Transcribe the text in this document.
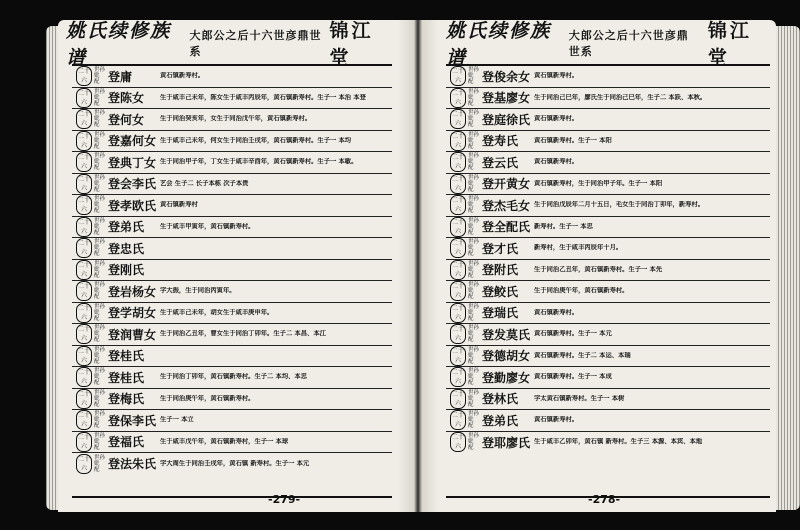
姚氏续修族谱
大郎公之后十六世彦鼎世系
锦江堂
二十六
世孙
妣
配 登庸	黄石镇新寿村。
二十六
世孙
妣
配 登陈女	生于咸丰己未年，陈女生于咸丰丙辰年，黄石镇新寿村。生子一 本治 本登
二十六
世孙
妣
配 登何女	生于同治癸亥年，女生于同治戊午年，黄石镇新寿村。
二十六
世孙
妣
配 登嘉何女 生于咸丰己未年，何女生于同治壬戌年，黄石镇新寿村。生子一 本均
二十六
世孙
妣
配 登典丁女 生于同治甲子年，丁女生于咸丰辛酉年，黄石镇新寿村。生子一 本敏。
二十六
世孙
妣
配 登会李氏 艺会 生子二 长子本栋 次子本贵
二十六
世孙
妣
配 登孝欧氏 黄石镇新寿村
二十六
世孙
妣
配 登弟氏	生于咸丰甲寅年，黄石镇新寿村。
二十六
世孙
妣
配 登忠氏
二十六
世孙
妣
配 登刚氏
二十六
世孙
妣
配 登岩杨女 字大振，生于同治丙寅年。
二十六
世孙
妣
配 登学胡女 生于咸丰己未年，胡女生于咸丰庚申年。
二十六
世孙
妣
配 登润曹女 生于同治乙丑年，曹女生于同治丁卯年。生子二 本昌、本江
二十六
世孙
妣
配 登桂氏
二十六
世孙
妣
配 登桂氏	生于同治丁卯年，黄石镇新寿村。生子二 本均、本忠
二十六
世孙
妣
配 登梅氏	生于同治庚午年，黄石镇新寿村。
二十六
世孙
妣
配 登保李氏 生子一 本立
二十六
世孙
妣
配 登福氏	生于咸丰戊午年，黄石镇新寿村，生子一 本球
二十六
世孙
妣
配 登法朱氏 字大周生于同治壬戌年，黄石镇 新寿村。生子一 本元
-279-
姚氏续修族谱
大郎公之后十六世彦鼎世系
锦江堂
二十六
世孙
妣
配 登俊余女 黄石镇新寿村。
二十六
世孙
妣
配 登基廖女 生于同治己巳年，廖氏生于同治己巳年，生子二 本跃、本秋。
二十六
世孙
妣
配 登庭徐氏 黄石镇新寿村。
二十六
世孙
妣
配 登寿氏	黄石镇新寿村。生子一 本阳
二十六
世孙
妣
配 登云氏	黄石镇新寿村。
二十六
世孙
妣
配 登开黄女 黄石镇新寿村，生于同治甲子年。生子一 本阳
二十六
世孙
妣
配 登杰毛女 生于同治戊辰年二月十五日，毛女生于同治丁卯年，新寿村。
二十六
世孙
妣
配 登全配氏 新寿村。生子一 本忠
二十六
世孙
妣
配 登才氏	新寿村，生于咸丰丙辰年十月。
二十六
世孙
妣
配 登附氏	生于同治乙丑年，黄石镇新寿村。生子一 本先
二十六
世孙
妣
配 登鲛氏	生于同治庚午年，黄石镇新寿村。
二十六
世孙
妣
配 登瑞氏	黄石镇新寿村。
二十六
世孙
妣
配 登发莫氏 黄石镇新寿村。生子一 本元
二十六
世孙
妣
配 登德胡女 黄石镇新寿村。生子二 本运、本瑞
二十六
世孙
妣
配 登勤廖女 黄石镇新寿村。生子一 本成
二十六
世孙
妣
配 登林氏	字太黄石镇新寿村。生子一 本树
二十六
世孙
妣
配 登弟氏	黄石镇新寿村。
二十六
世孙
妣
配 登耶廖氏 生于咸丰乙卯年，黄石镇 新寿村。生子三 本源、本宾、本地
-278-
